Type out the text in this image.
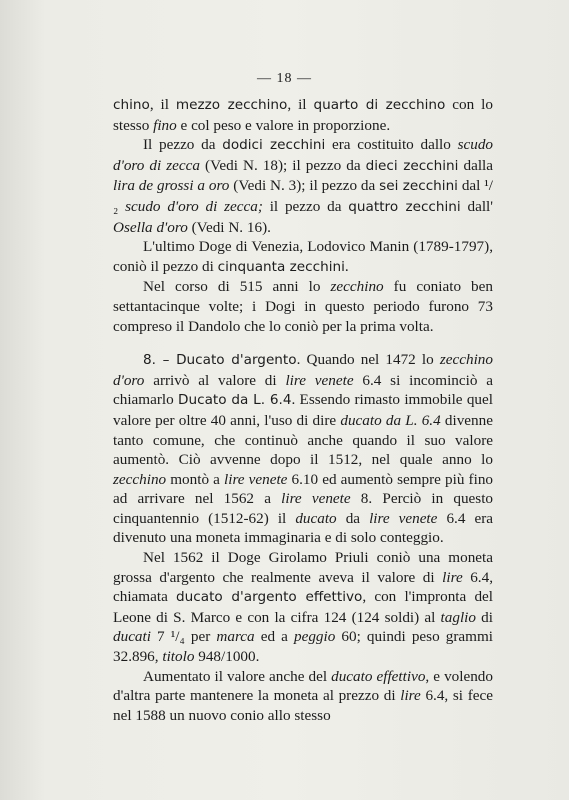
— 18 —

chino, il mezzo zecchino, il quarto di zecchino con lo stesso fino e col peso e valore in proporzione.

Il pezzo da dodici zecchini era costituito dallo scudo d'oro di zecca (Vedi N. 18); il pezzo da dieci zecchini dalla lira de grossi a oro (Vedi N. 3); il pezzo da sei zecchini dal ¹/₂ scudo d'oro di zecca; il pezzo da quattro zecchini dall' Osella d'oro (Vedi N. 16).

L'ultimo Doge di Venezia, Lodovico Manin (1789-1797), coniò il pezzo di cinquanta zecchini.

Nel corso di 515 anni lo zecchino fu coniato ben settantacinque volte; i Dogi in questo periodo furono 73 compreso il Dandolo che lo coniò per la prima volta.

8. – Ducato d'argento. Quando nel 1472 lo zecchino d'oro arrivò al valore di lire venete 6.4 si incominciò a chiamarlo Ducato da L. 6.4. Essendo rimasto immobile quel valore per oltre 40 anni, l'uso di dire ducato da L. 6.4 divenne tanto comune, che continuò anche quando il suo valore aumentò. Ciò avvenne dopo il 1512, nel quale anno lo zecchino montò a lire venete 6.10 ed aumentò sempre più fino ad arrivare nel 1562 a lire venete 8. Perciò in questo cinquantennio (1512-62) il ducato da lire venete 6.4 era divenuto una moneta immaginaria e di solo conteggio.

Nel 1562 il Doge Girolamo Priuli coniò una moneta grossa d'argento che realmente aveva il valore di lire 6.4, chiamata ducato d'argento effettivo, con l'impronta del Leone di S. Marco e con la cifra 124 (124 soldi) al taglio di ducati 7 ¹/₄ per marca ed a peggio 60; quindi peso grammi 32.896, titolo 948/1000.

Aumentato il valore anche del ducato effettivo, e volendo d'altra parte mantenere la moneta al prezzo di lire 6.4, si fece nel 1588 un nuovo conio allo stesso
